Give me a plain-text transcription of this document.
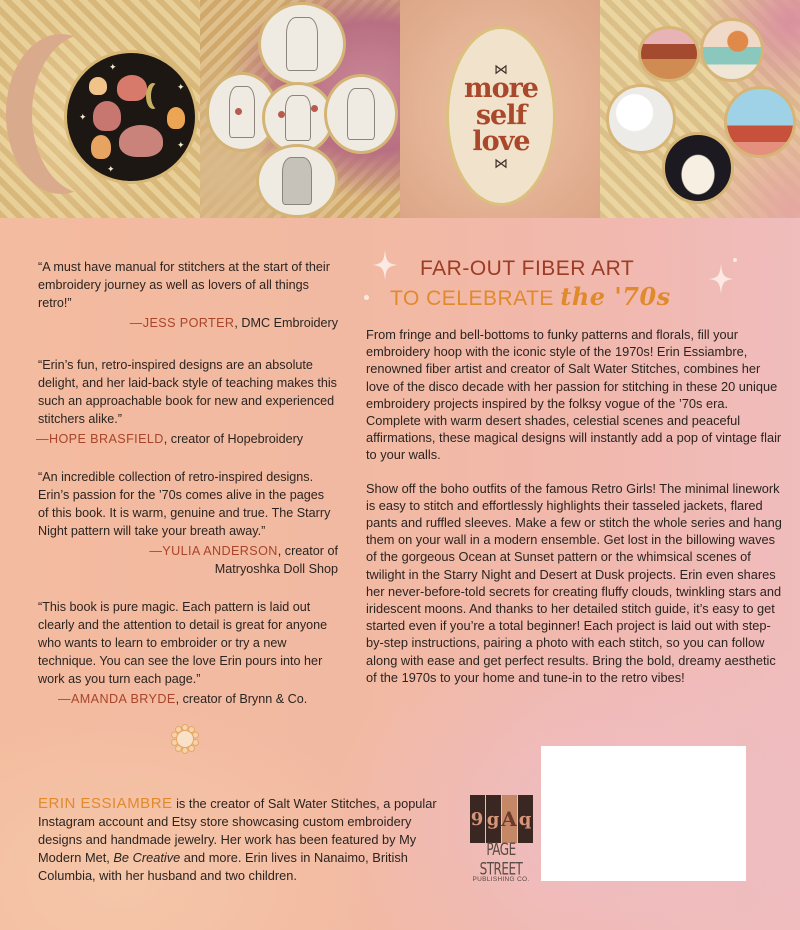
✦
✦
✦
✦
✦
⋈
more
self
love
⋈
FAR-OUT FIBER ART
TO CELEBRATE the '70s
“A must have manual for stitchers at the start of their embroidery journey as well as lovers of all things retro!”
—JESS PORTER, DMC Embroidery
“Erin’s fun, retro-inspired designs are an absolute delight, and her laid-back style of teaching makes this such an approachable book for new and experienced stitchers alike.”
—HOPE BRASFIELD, creator of Hopebroidery
“An incredible collection of retro-inspired designs. Erin’s passion for the ’70s comes alive in the pages of this book. It is warm, genuine and true. The Starry Night pattern will take your breath away.”
—YULIA ANDERSON, creator of
Matryoshka Doll Shop
“This book is pure magic. Each pattern is laid out clearly and the attention to detail is great for anyone who wants to learn to embroider or try a new technique. You can see the love Erin pours into her work as you turn each page.”
—AMANDA BRYDE, creator of Brynn & Co.
ERIN ESSIAMBRE is the creator of Salt Water Stitches, a popular Instagram account and Etsy store showcasing custom embroidery designs and handmade jewelry. Her work has been featured by My Modern Met, Be Creative and more. Erin lives in Nanaimo, British Columbia, with her husband and two children.

From fringe and bell-bottoms to funky patterns and florals, fill your embroidery hoop with the iconic style of the 1970s! Erin Essiambre, renowned fiber artist and creator of Salt Water Stitches, combines her love of the disco decade with her passion for stitching in these 20 unique embroidery projects inspired by the folksy vogue of the ’70s era. Complete with warm desert shades, celestial scenes and peaceful affirmations, these magical designs will instantly add a pop of vintage flair to your walls.

Show off the boho outfits of the famous Retro Girls! The minimal linework is easy to stitch and effortlessly highlights their tasseled jackets, flared pants and ruffled sleeves. Make a few or stitch the whole series and hang them on your wall in a modern ensemble. Get lost in the billowing waves of the gorgeous Ocean at Sunset pattern or the whimsical scenes of twilight in the Starry Night and Desert at Dusk projects. Erin even shares her never-before-told secrets for creating fluffy clouds, twinkling stars and iridescent moons. And thanks to her detailed stitch guide, it’s easy to get started even if you’re a total beginner! Each project is laid out with step-by-step instructions, pairing a photo with each stitch, so you can follow along with ease and get perfect results. Bring the bold, dreamy aesthetic of the 1970s to your home and tune-in to the retro vibes!

9 g A q
PAGE STREET
PUBLISHING CO.
